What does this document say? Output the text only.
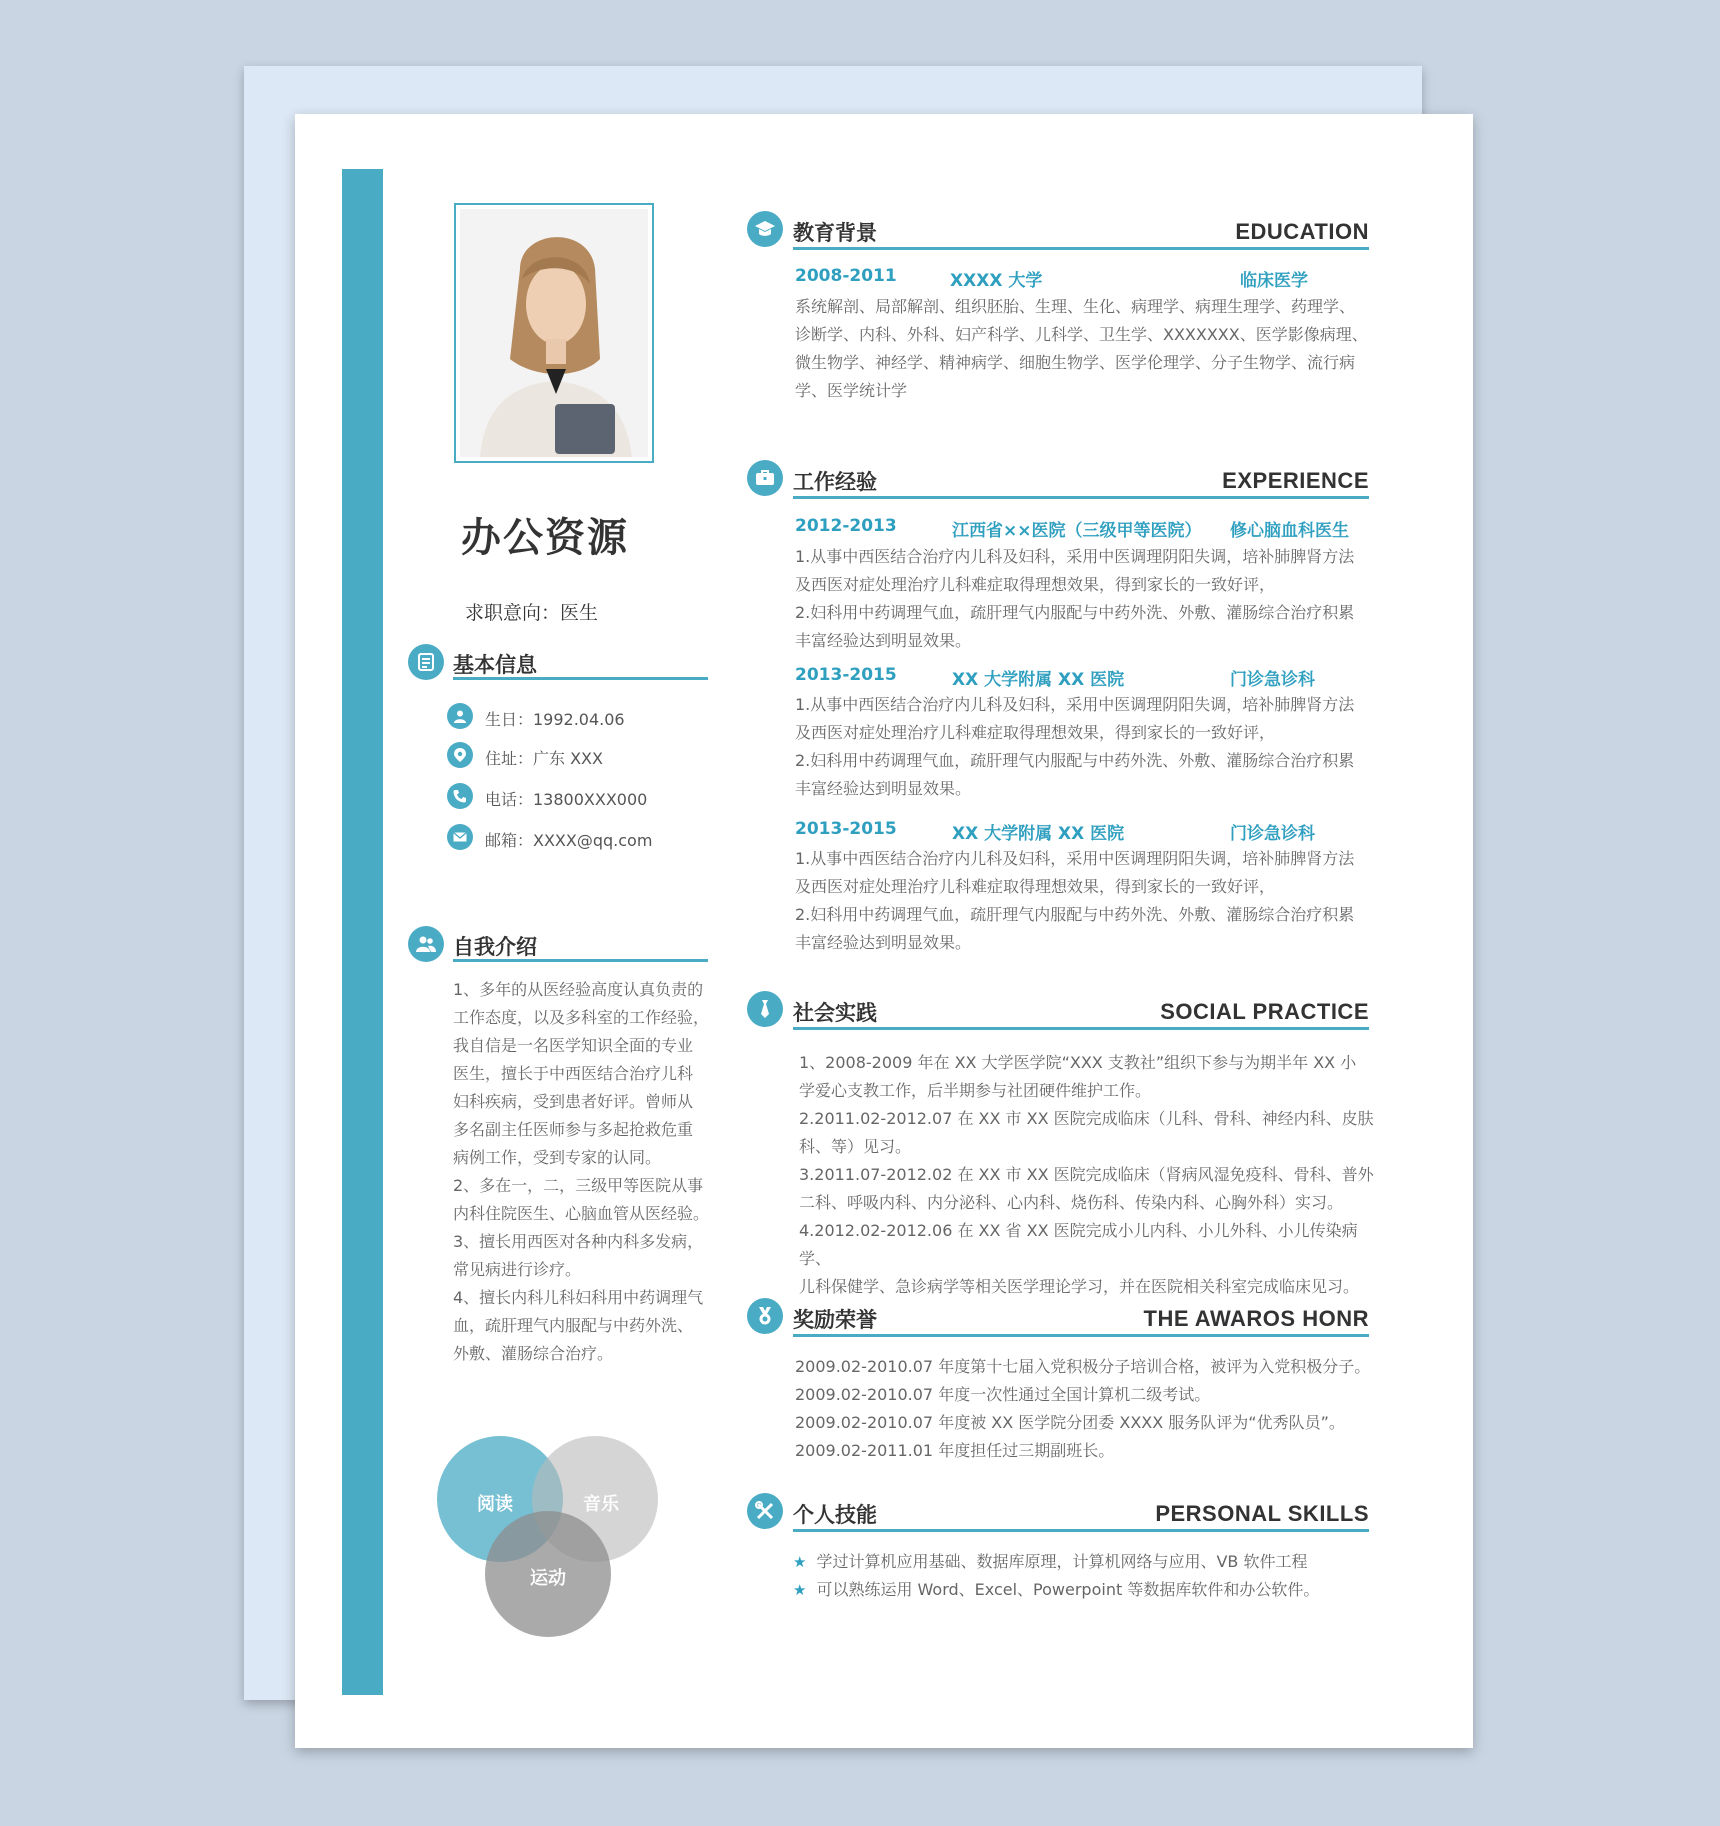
办公资源
求职意向：医生
基本信息
生日：1992.04.06
住址：广东 XXX
电话：13800XXX000
邮箱：XXXX@qq.com
自我介绍

1、多年的从医经验高度认真负责的

工作态度，以及多科室的工作经验，

我自信是一名医学知识全面的专业

医生，擅长于中西医结合治疗儿科

妇科疾病，受到患者好评。曾师从

多名副主任医师参与多起抢救危重

病例工作，受到专家的认同。

2、多在一，二，三级甲等医院从事

内科住院医生、心脑血管从医经验。

3、擅长用西医对各种内科多发病，

常见病进行诊疗。

4、擅长内科儿科妇科用中药调理气

血，疏肝理气内服配与中药外洗、

外敷、灌肠综合治疗。

阅读	音乐
运动
教育背景	EDUCATION
2008-2011	XXXX 大学	临床医学

系统解剖、局部解剖、组织胚胎、生理、生化、病理学、病理生理学、药理学、

诊断学、内科、外科、妇产科学、儿科学、卫生学、XXXXXXX、医学影像病理、

微生物学、神经学、精神病学、细胞生物学、医学伦理学、分子生物学、流行病

学、医学统计学

工作经验	EXPERIENCE
2012-2013	江西省××医院（三级甲等医院） 修心脑血科医生

1.从事中西医结合治疗内儿科及妇科，采用中医调理阴阳失调，培补肺脾肾方法

及西医对症处理治疗儿科难症取得理想效果，得到家长的一致好评，

2.妇科用中药调理气血，疏肝理气内服配与中药外洗、外敷、灌肠综合治疗积累

丰富经验达到明显效果。

2013-2015	XX 大学附属 XX 医院	门诊急诊科

1.从事中西医结合治疗内儿科及妇科，采用中医调理阴阳失调，培补肺脾肾方法

及西医对症处理治疗儿科难症取得理想效果，得到家长的一致好评，

2.妇科用中药调理气血，疏肝理气内服配与中药外洗、外敷、灌肠综合治疗积累

丰富经验达到明显效果。

2013-2015	XX 大学附属 XX 医院	门诊急诊科

1.从事中西医结合治疗内儿科及妇科，采用中医调理阴阳失调，培补肺脾肾方法

及西医对症处理治疗儿科难症取得理想效果，得到家长的一致好评，

2.妇科用中药调理气血，疏肝理气内服配与中药外洗、外敷、灌肠综合治疗积累

丰富经验达到明显效果。

社会实践	SOCIAL PRACTICE

1、2008-2009 年在 XX 大学医学院“XXX 支教社”组织下参与为期半年 XX 小

学爱心支教工作，后半期参与社团硬件维护工作。

2.2011.02-2012.07 在 XX 市 XX 医院完成临床（儿科、骨科、神经内科、皮肤

科、等）见习。

3.2011.07-2012.02 在 XX 市 XX 医院完成临床（肾病风湿免疫科、骨科、普外

二科、呼吸内科、内分泌科、心内科、烧伤科、传染内科、心胸外科）实习。

4.2012.02-2012.06 在 XX 省 XX 医院完成小儿内科、小儿外科、小儿传染病学、

儿科保健学、急诊病学等相关医学理论学习，并在医院相关科室完成临床见习。

奖励荣誉	THE AWAROS HONR

2009.02-2010.07 年度第十七届入党积极分子培训合格，被评为入党积极分子。

2009.02-2010.07 年度一次性通过全国计算机二级考试。

2009.02-2010.07 年度被 XX 医学院分团委 XXXX 服务队评为“优秀队员”。

2009.02-2011.01 年度担任过三期副班长。

个人技能	PERSONAL SKILLS
★ 学过计算机应用基础、数据库原理，计算机网络与应用、VB 软件工程
★ 可以熟练运用 Word、Excel、Powerpoint 等数据库软件和办公软件。
